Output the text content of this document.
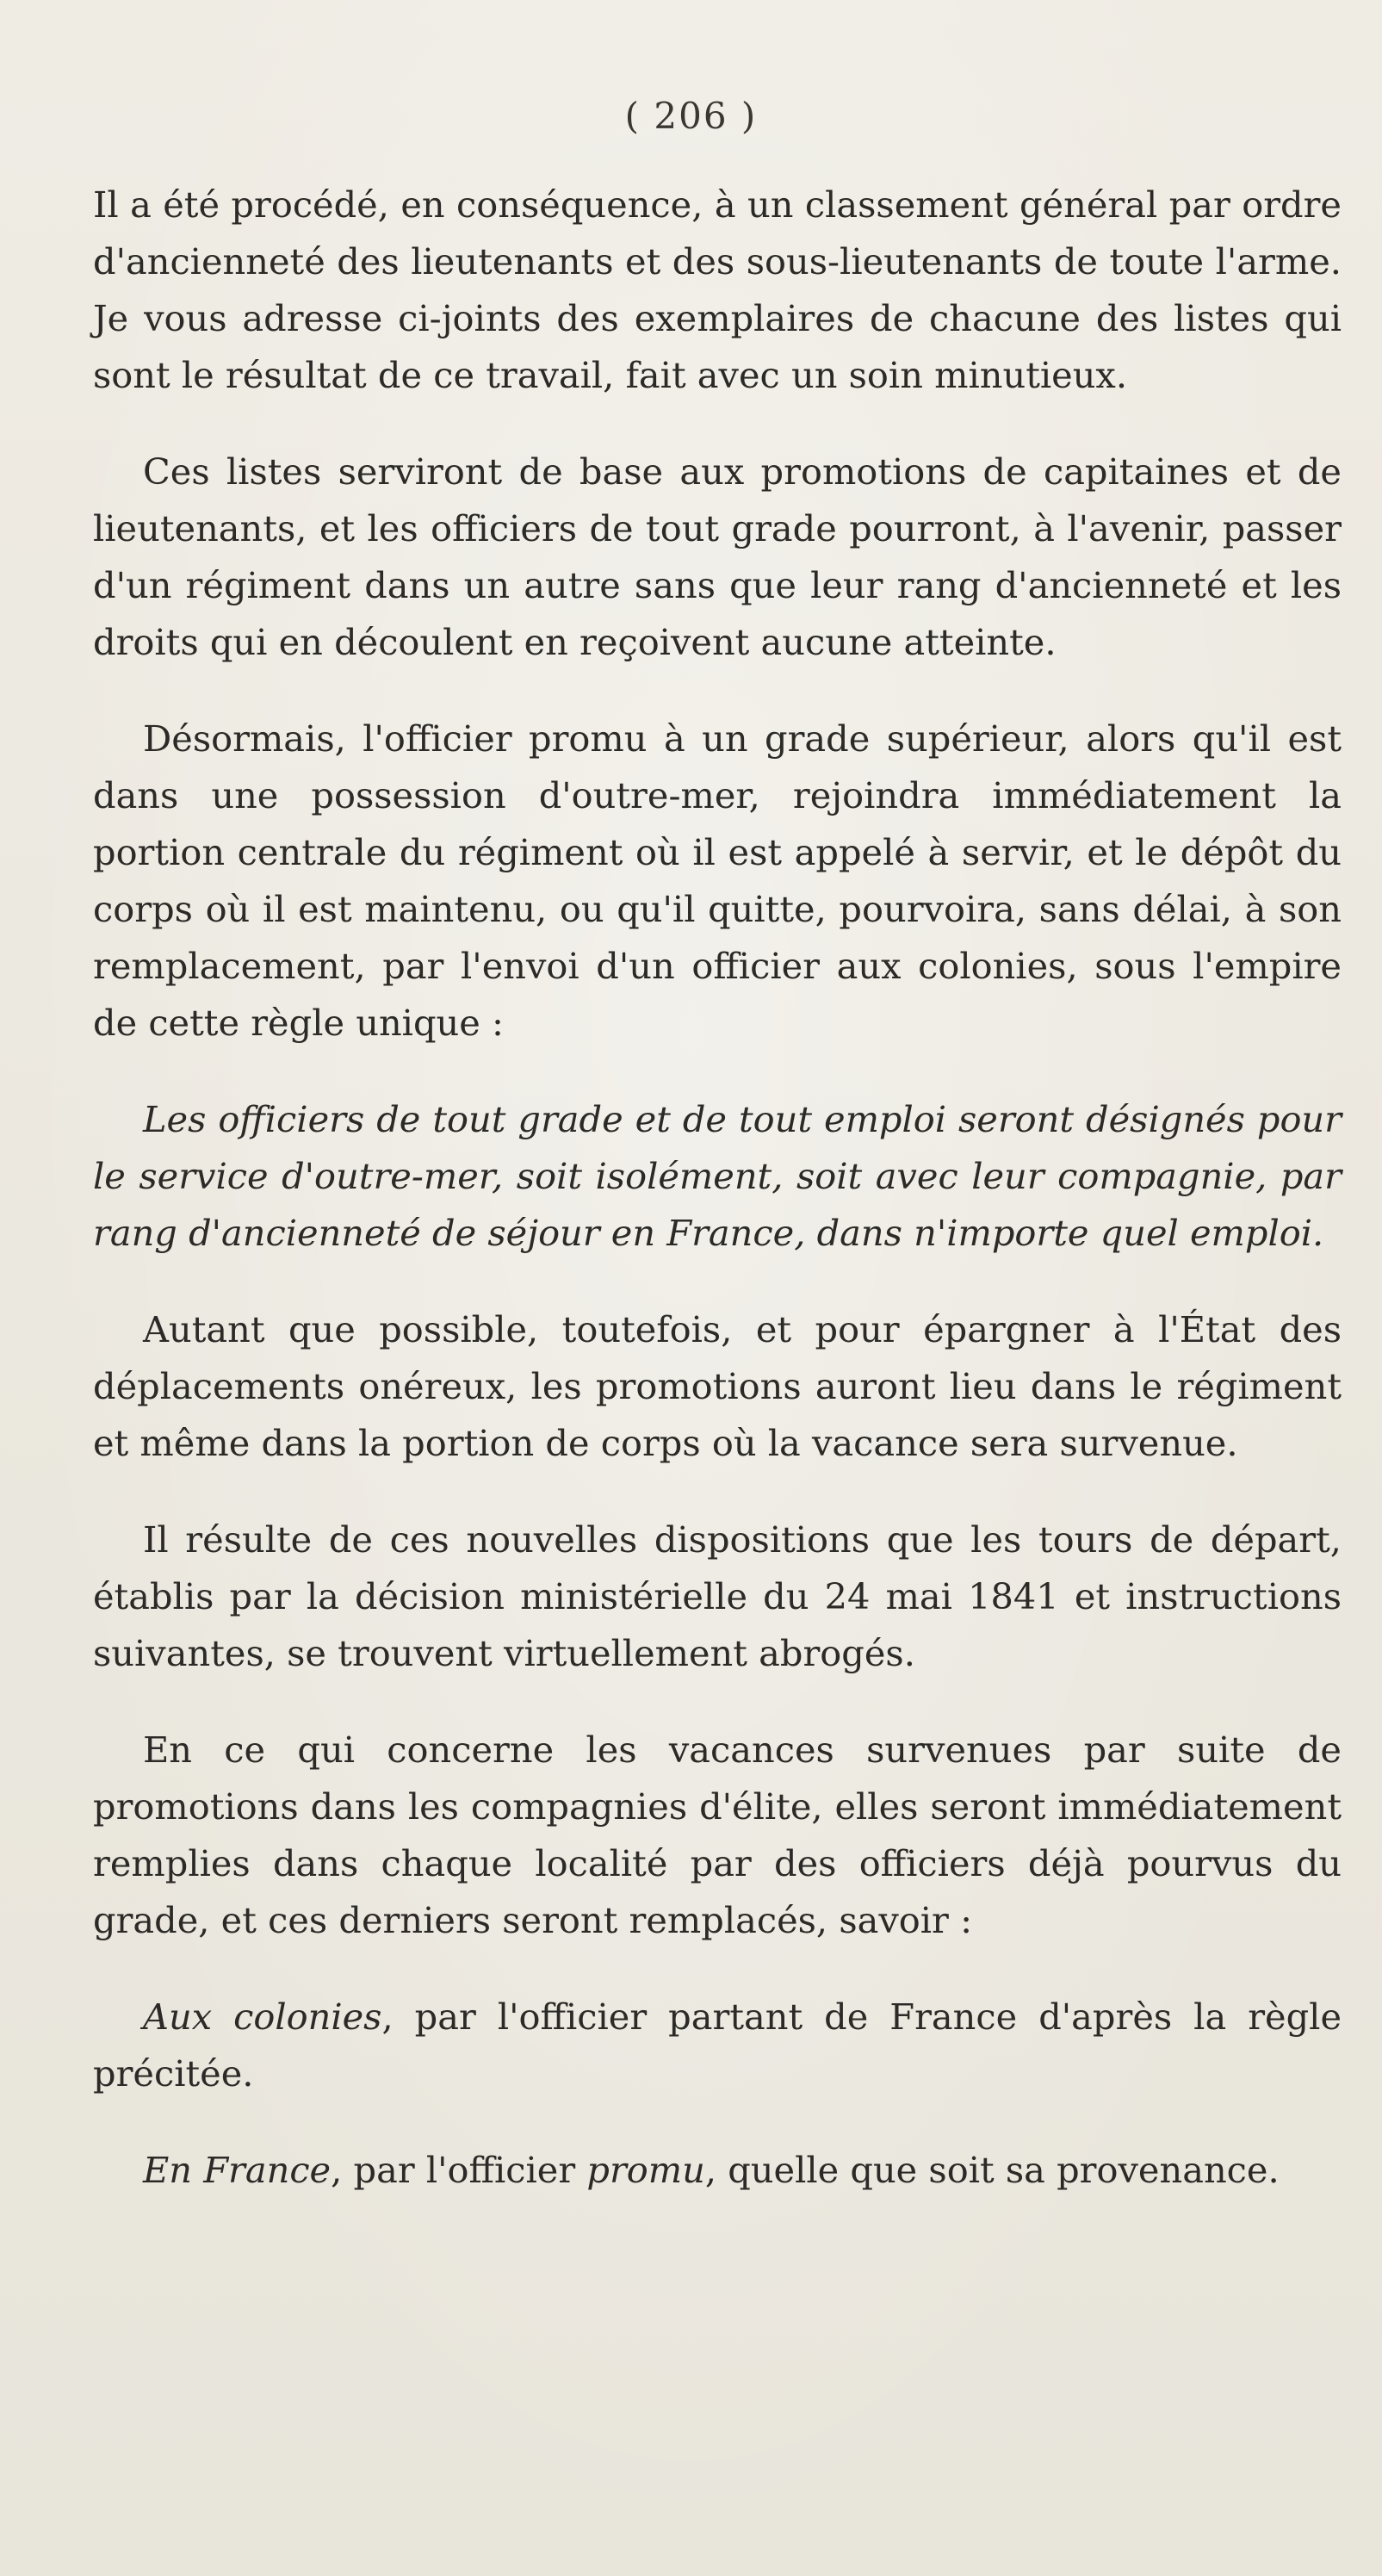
( 206 )

Il a été procédé, en conséquence, à un classement général par ordre d'ancienneté des lieutenants et des sous-lieutenants de toute l'arme. Je vous adresse ci-joints des exemplaires de chacune des listes qui sont le résultat de ce travail, fait avec un soin minutieux.

Ces listes serviront de base aux promotions de capitaines et de lieutenants, et les officiers de tout grade pourront, à l'avenir, passer d'un régiment dans un autre sans que leur rang d'ancienneté et les droits qui en découlent en reçoivent aucune atteinte.

Désormais, l'officier promu à un grade supérieur, alors qu'il est dans une possession d'outre-mer, rejoindra immédiatement la portion centrale du régiment où il est appelé à servir, et le dépôt du corps où il est maintenu, ou qu'il quitte, pourvoira, sans délai, à son remplacement, par l'envoi d'un officier aux colonies, sous l'empire de cette règle unique :

Les officiers de tout grade et de tout emploi seront désignés pour le service d'outre-mer, soit isolément, soit avec leur compagnie, par rang d'ancienneté de séjour en France, dans n'importe quel emploi.

Autant que possible, toutefois, et pour épargner à l'État des déplacements onéreux, les promotions auront lieu dans le régiment et même dans la portion de corps où la vacance sera survenue.

Il résulte de ces nouvelles dispositions que les tours de départ, établis par la décision ministérielle du 24 mai 1841 et instructions suivantes, se trouvent virtuellement abrogés.

En ce qui concerne les vacances survenues par suite de promotions dans les compagnies d'élite, elles seront immédiatement remplies dans chaque localité par des officiers déjà pourvus du grade, et ces derniers seront remplacés, savoir :

Aux colonies, par l'officier partant de France d'après la règle précitée.

En France, par l'officier promu, quelle que soit sa provenance.
